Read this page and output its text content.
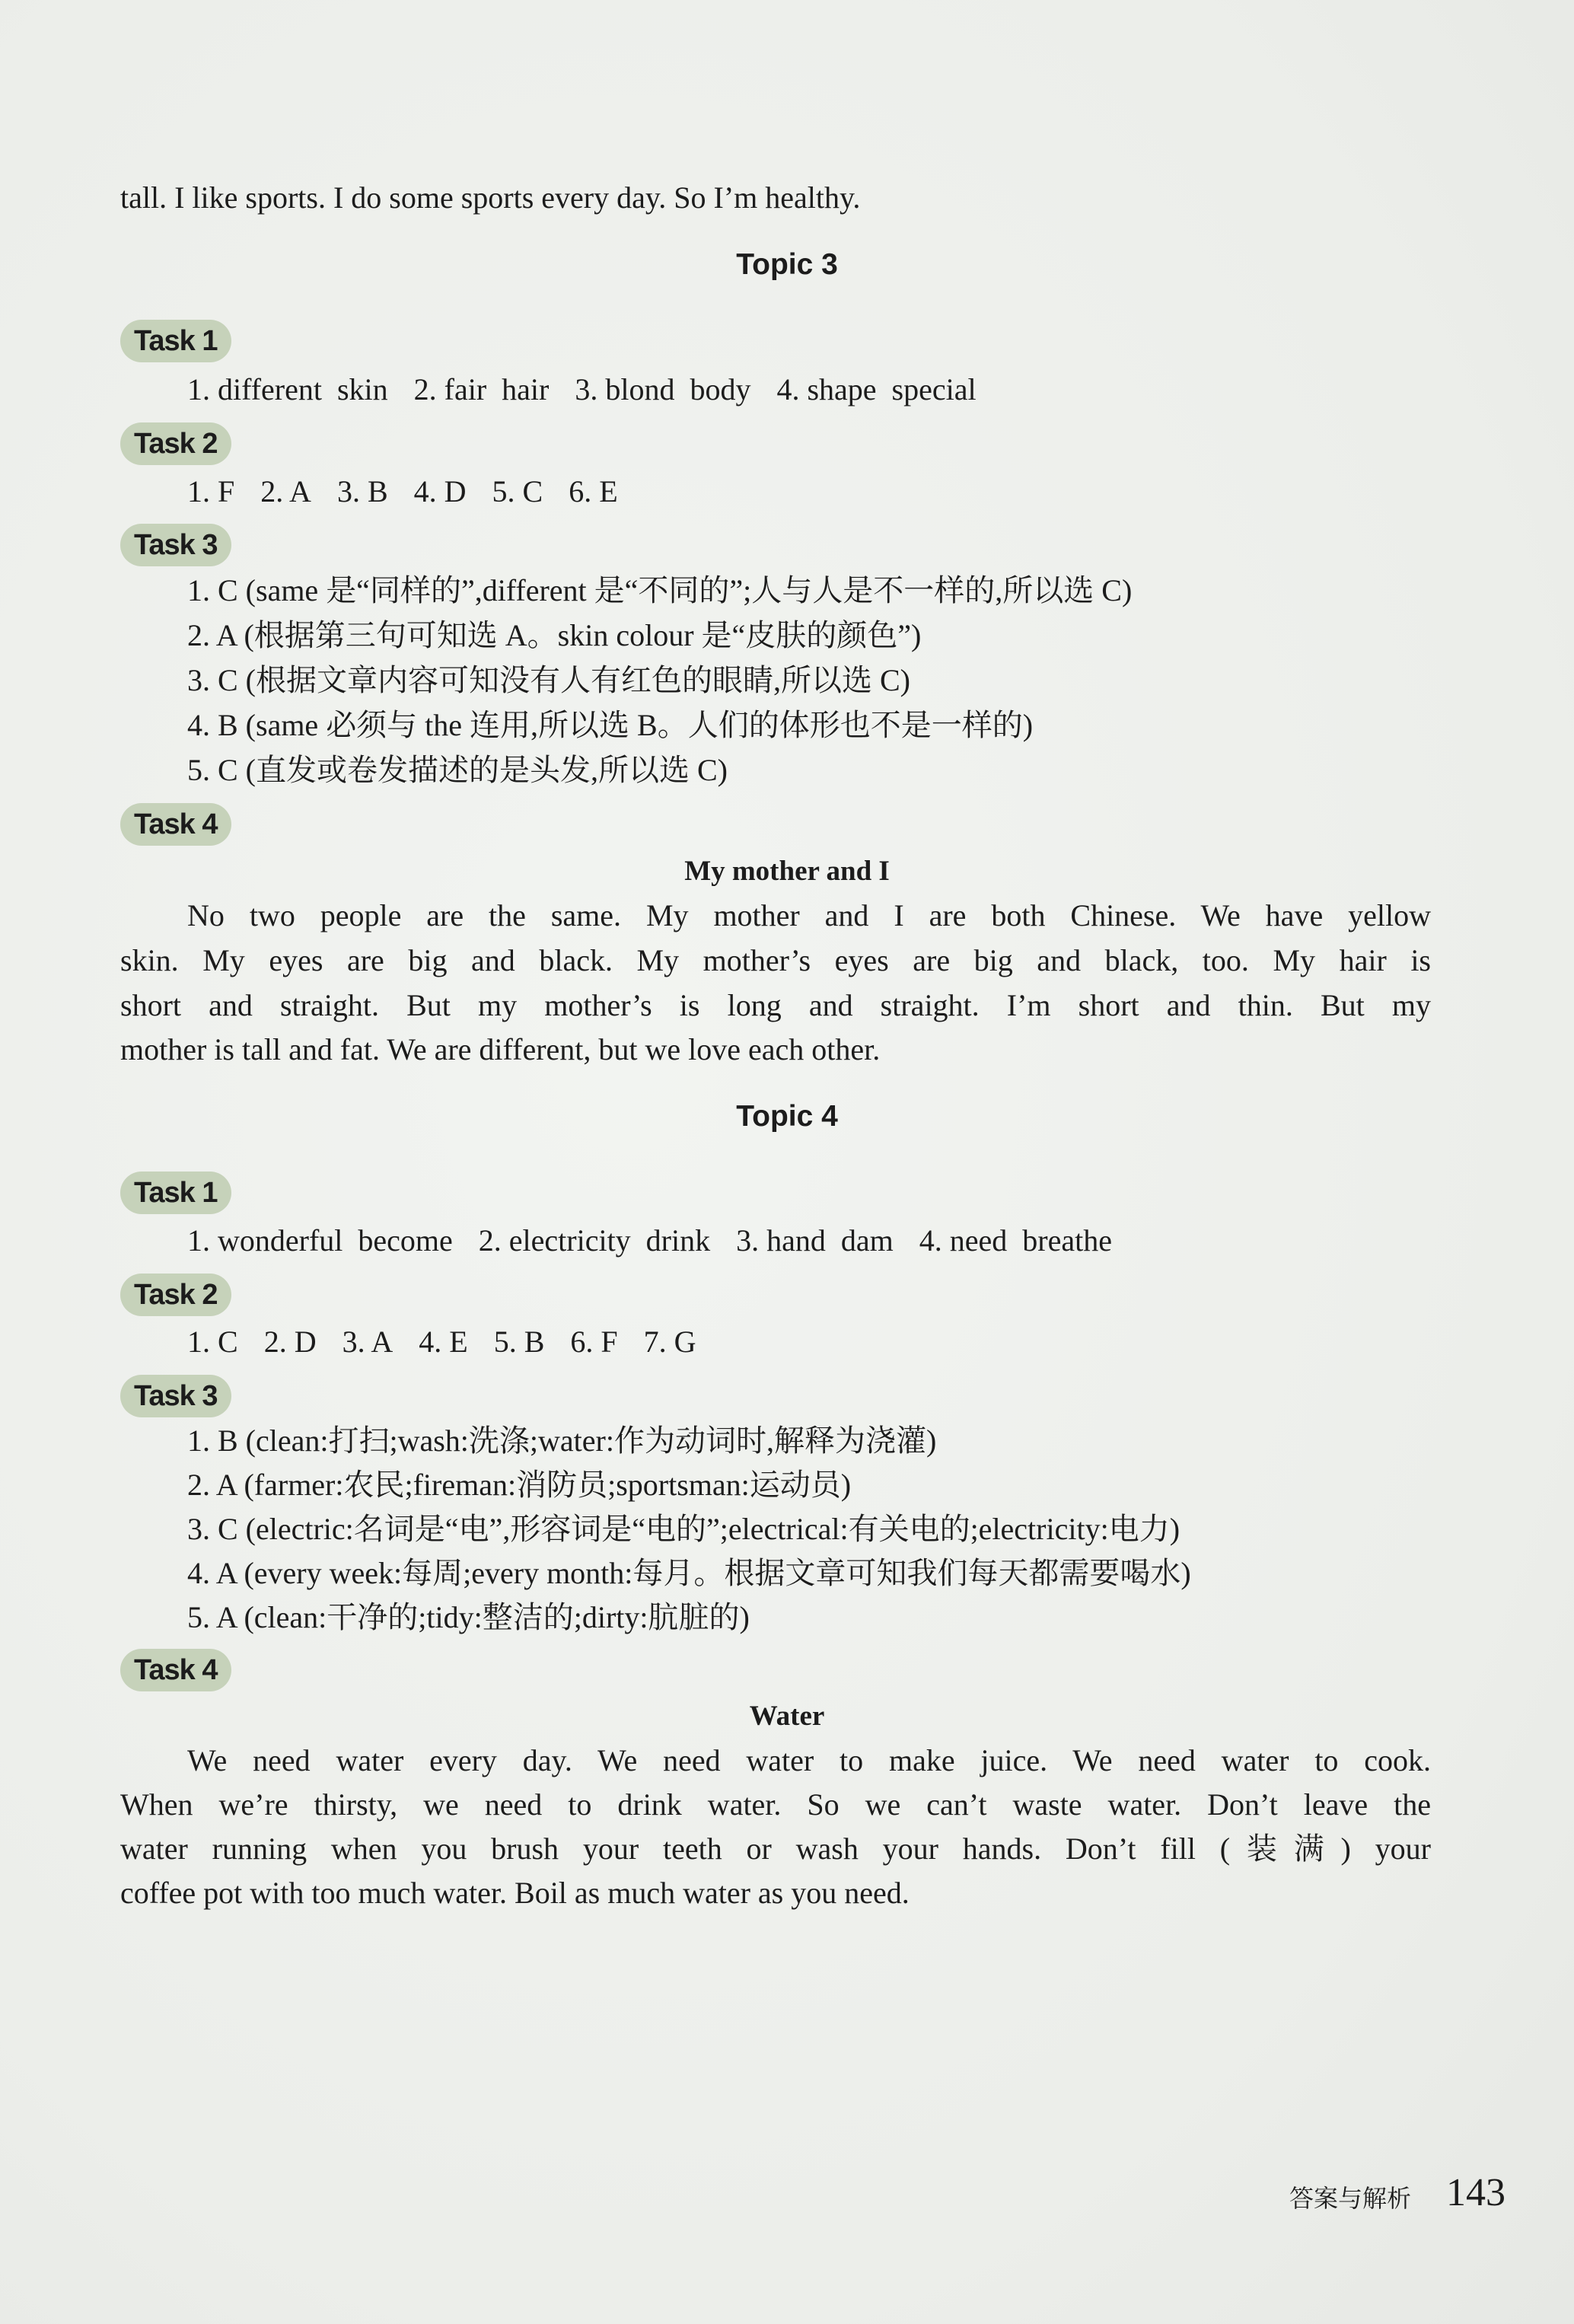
tall. I like sports. I do some sports every day. So I’m healthy.
Topic 3
Task 1
1. different  skin 2. fair  hair 3. blond  body 4. shape  special
Task 2
1. F 2. A 3. B 4. D 5. C 6. E
Task 3
1. C (same 是“同样的”,different 是“不同的”;人与人是不一样的,所以选 C)
2. A (根据第三句可知选 A。skin colour 是“皮肤的颜色”)
3. C (根据文章内容可知没有人有红色的眼睛,所以选 C)
4. B (same 必须与 the 连用,所以选 B。人们的体形也不是一样的)
5. C (直发或卷发描述的是头发,所以选 C)
Task 4
My mother and I
No two people are the same. My mother and I are both Chinese. We have yellow
skin. My eyes are big and black. My mother’s eyes are big and black, too. My hair is
short and straight. But my mother’s is long and straight. I’m short and thin. But my
mother is tall and fat. We are different, but we love each other.
Topic 4
Task 1
1. wonderful  become 2. electricity  drink 3. hand  dam 4. need  breathe
Task 2
1. C 2. D 3. A 4. E 5. B 6. F 7. G
Task 3
1. B (clean:打扫;wash:洗涤;water:作为动词时,解释为浇灌)
2. A (farmer:农民;fireman:消防员;sportsman:运动员)
3. C (electric:名词是“电”,形容词是“电的”;electrical:有关电的;electricity:电力)
4. A (every week:每周;every month:每月。根据文章可知我们每天都需要喝水)
5. A (clean:干净的;tidy:整洁的;dirty:肮脏的)
Task 4
Water
We need water every day. We need water to make juice. We need water to cook.
When we’re thirsty, we need to drink water. So we can’t waste water. Don’t leave the
water running when you brush your teeth or wash your hands. Don’t fill (装满) your
coffee pot with too much water. Boil as much water as you need.
答案与解析 143
